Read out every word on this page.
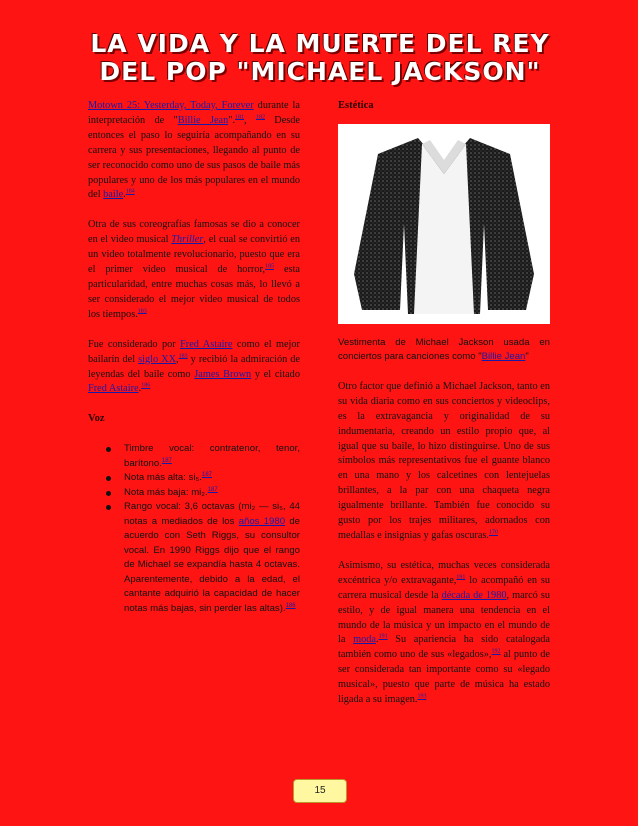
LA VIDA Y LA MUERTE DEL REY DEL POP "MICHAEL JACKSON"

Motown 25: Yesterday, Today, Forever durante la interpretación de "Billie Jean".$^{181}$, $^{182}$ Desde entonces el paso lo seguiría acompañando en su carrera y sus presentaciones, llegando al punto de ser reconocido como uno de sus pasos de baile más populares y uno de los más populares en el mundo del baile.$^{184}$

Otra de sus coreografías famosas se dio a conocer en el video musical Thriller, el cual se convirtió en un video totalmente revolucionario, puesto que era el primer video musical de horror,$^{185}$ esta particularidad, entre muchas cosas más, lo llevó a ser considerado el mejor video musical de todos los tiempos.$^{183}$

Fue considerado por Fred Astaire como el mejor bailarín del siglo XX,$^{183}$ y recibió la admiración de leyendas del baile como James Brown y el citado Fred Astaire.$^{186}$

Voz

Timbre vocal: contratenor, tenor, barítono.$^{187}$
Nota más alta: si₅.$^{187}$
Nota más baja: mi₂.$^{187}$
Rango vocal: 3,6 octavas (mi₂ — si₅, 44 notas a mediados de los años 1980 de acuerdo con Seth Riggs, su consultor vocal. En 1990 Riggs dijo que el rango de Michael se expandía hasta 4 octavas. Aparentemente, debido a la edad, el cantante adquirió la capacidad de hacer notas más bajas, sin perder las altas).$^{186}$

Estética

Vestimenta de Michael Jackson usada en conciertos para canciones como "Billie Jean"

Otro factor que definió a Michael Jackson, tanto en su vida diaria como en sus conciertos y videoclips, es la extravagancia y originalidad de su indumentaria, creando un estilo propio que, al igual que su baile, lo hizo distinguirse. Uno de sus símbolos más representativos fue el guante blanco en una mano y los calcetines con lentejuelas brillantes, a la par con una chaqueta negra igualmente brillante. También fue conocido su gusto por los trajes militares, adornados con medallas e insignias y gafas oscuras.$^{170}$

Asimismo, su estética, muchas veces considerada excéntrica y/o extravagante,$^{191}$ lo acompañó en su carrera musical desde la década de 1980, marcó su estilo, y de igual manera una tendencia en el mundo de la música y un impacto en el mundo de la moda.$^{191}$ Su apariencia ha sido catalogada también como uno de sus «legados»,$^{192}$ al punto de ser considerada tan importante como su «legado musical», puesto que parte de música ha estado ligada a su imagen.$^{193}$

15
